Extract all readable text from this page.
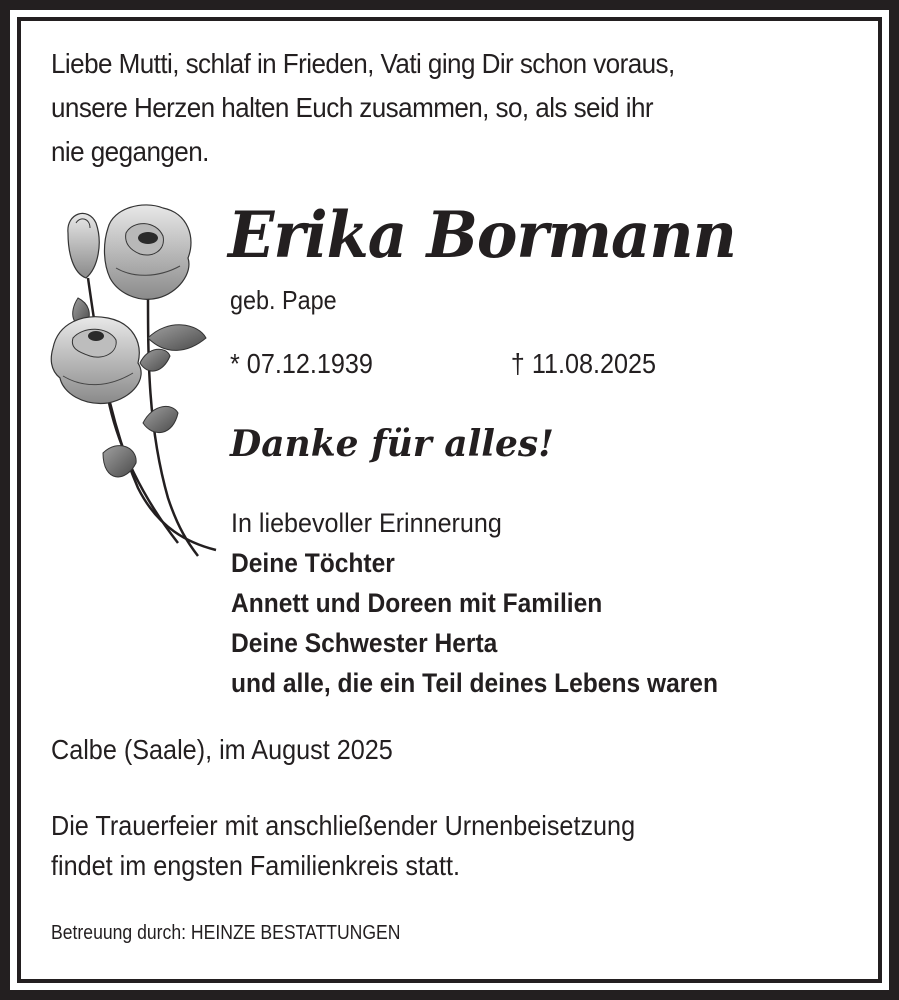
Liebe Mutti, schlaf in Frieden, Vati ging Dir schon voraus,
unsere Herzen halten Euch zusammen, so, als seid ihr
nie gegangen.
Erika Bormann
geb. Pape
* 07.12.1939	† 11.08.2025
Danke für alles!
In liebevoller Erinnerung
Deine Töchter
Annett und Doreen mit Familien
Deine Schwester Herta
und alle, die ein Teil deines Lebens waren
Calbe (Saale), im August 2025
Die Trauerfeier mit anschließender Urnenbeisetzung
findet im engsten Familienkreis statt.
Betreuung durch: HEINZE BESTATTUNGEN
